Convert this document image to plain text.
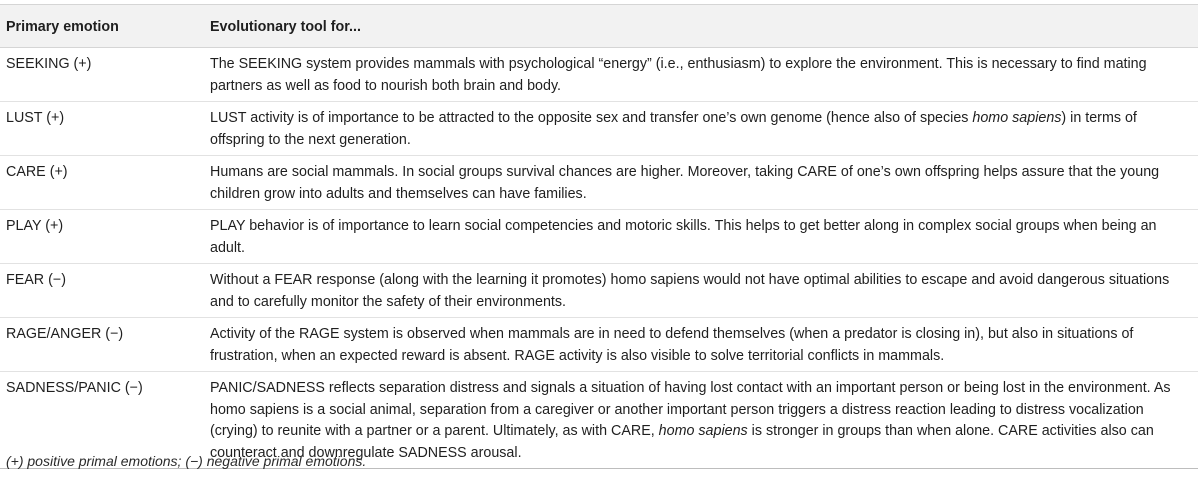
Primary emotion	Evolutionary tool for...
SEEKING (+)	The SEEKING system provides mammals with psychological “energy” (i.e., enthusiasm) to explore the environment. This is necessary to find mating partners as well as food to nourish both brain and body.
LUST (+)	LUST activity is of importance to be attracted to the opposite sex and transfer one’s own genome (hence also of species homo sapiens) in terms of offspring to the next generation.
CARE (+)	Humans are social mammals. In social groups survival chances are higher. Moreover, taking CARE of one’s own offspring helps assure that the young children grow into adults and themselves can have families.
PLAY (+)	PLAY behavior is of importance to learn social competencies and motoric skills. This helps to get better along in complex social groups when being an adult.
FEAR (−)	Without a FEAR response (along with the learning it promotes) homo sapiens would not have optimal abilities to escape and avoid dangerous situations and to carefully monitor the safety of their environments.
RAGE/ANGER (−)	Activity of the RAGE system is observed when mammals are in need to defend themselves (when a predator is closing in), but also in situations of frustration, when an expected reward is absent. RAGE activity is also visible to solve territorial conflicts in mammals.
SADNESS/PANIC (−)	PANIC/SADNESS reflects separation distress and signals a situation of having lost contact with an important person or being lost in the environment. As homo sapiens is a social animal, separation from a caregiver or another important person triggers a distress reaction leading to distress vocalization (crying) to reunite with a partner or a parent. Ultimately, as with CARE, homo sapiens is stronger in groups than when alone. CARE activities also can counteract and downregulate SADNESS arousal.
(+) positive primal emotions; (−) negative primal emotions.
